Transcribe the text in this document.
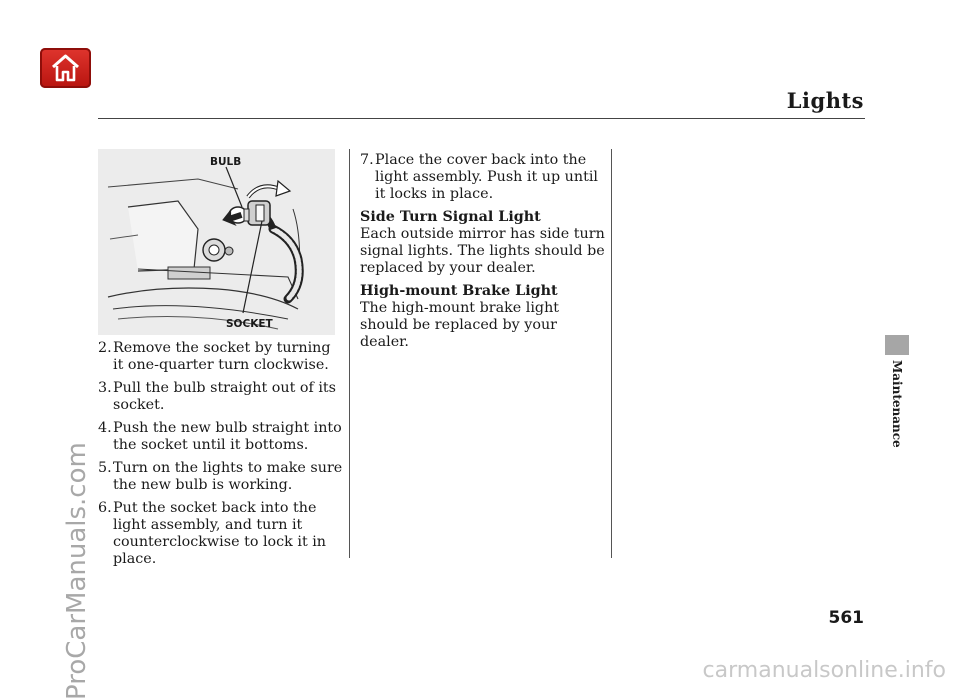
Lights
BULB
SOCKET
2. Remove the socket by turning it one-quarter turn clockwise.
3. Pull the bulb straight out of its socket.
4. Push the new bulb straight into the socket until it bottoms.
5. Turn on the lights to make sure the new bulb is working.
6. Put the socket back into the light assembly, and turn it counterclockwise to lock it in place.
7. Place the cover back into the light assembly. Push it up until it locks in place.
Side Turn Signal Light
Each outside mirror has side turn signal lights. The lights should be replaced by your dealer.
High-mount Brake Light
The high-mount brake light should be replaced by your dealer.
Maintenance
561
ProCarManuals.com	carmanualsonline.info
